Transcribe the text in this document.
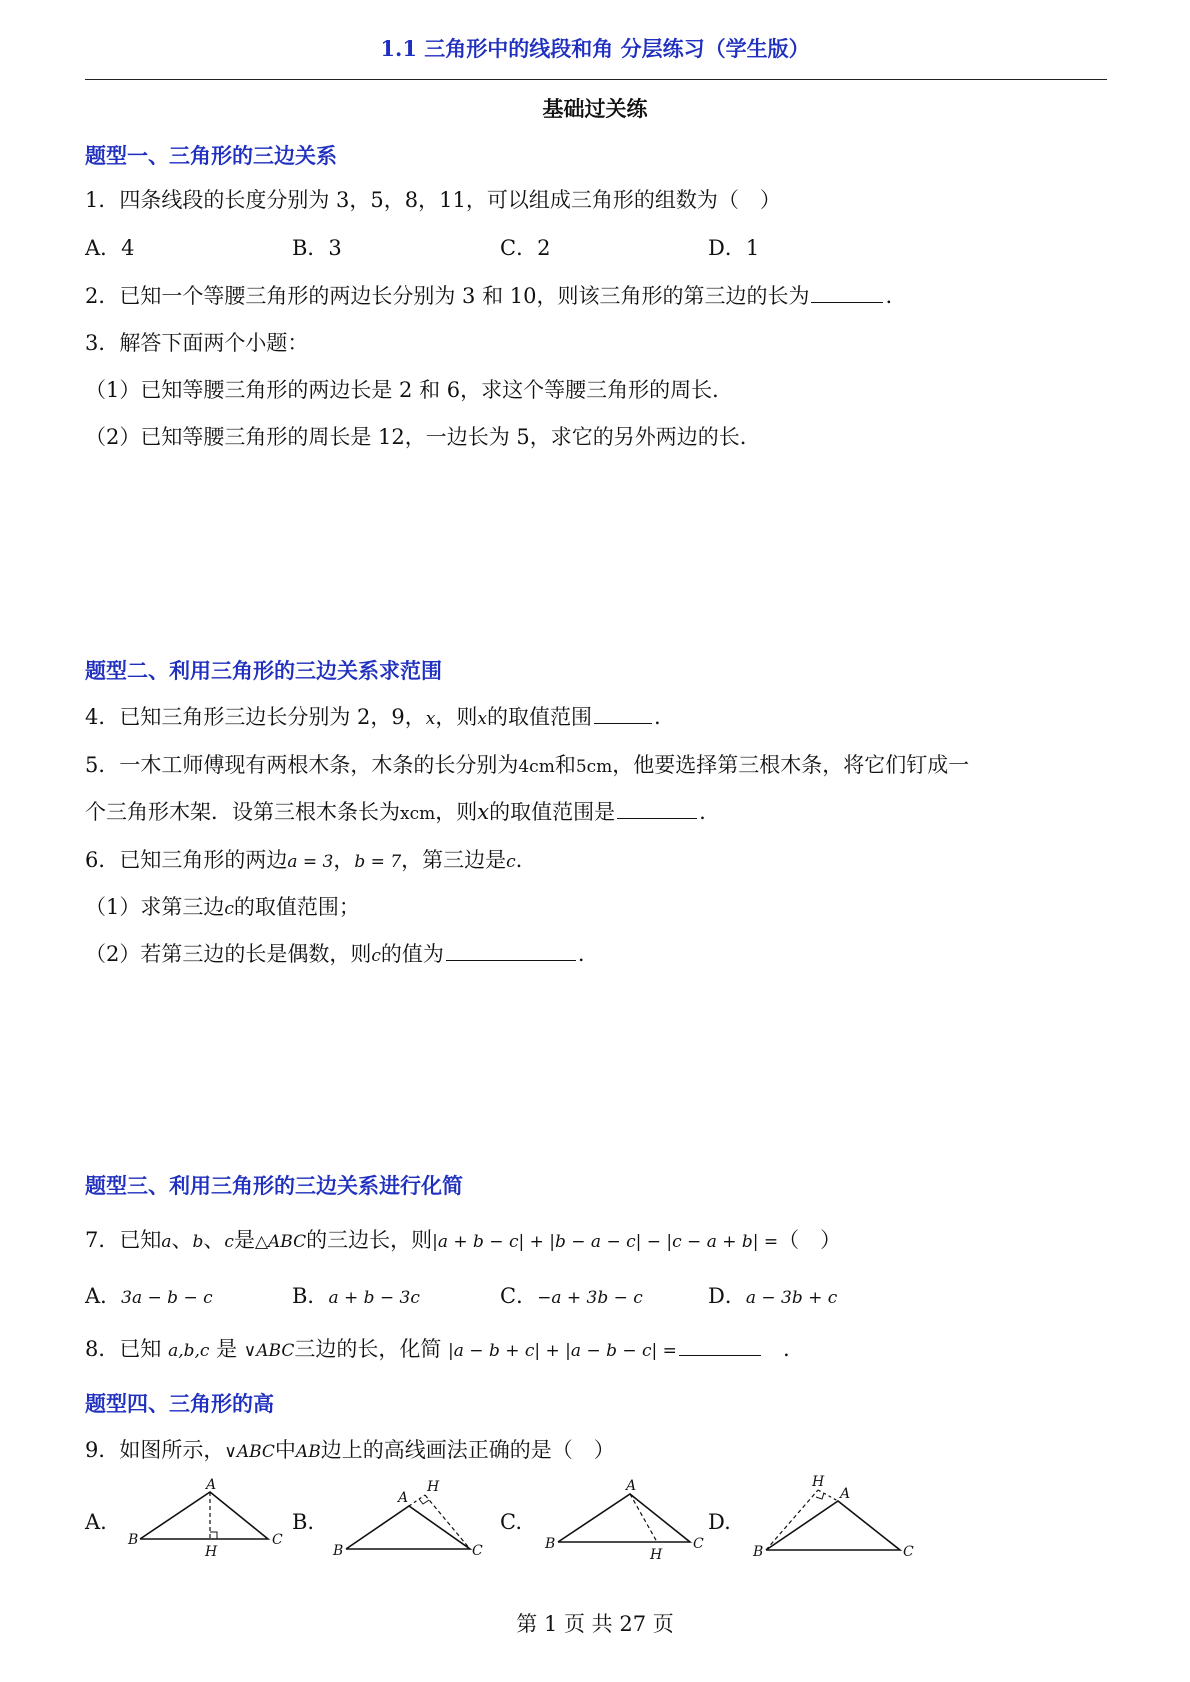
1.1 三角形中的线段和角 分层练习（学生版）
基础过关练
题型一、三角形的三边关系
1．四条线段的长度分别为 3，5，8，11，可以组成三角形的组数为（　）
A．4	B．3	C．2	D．1
2．已知一个等腰三角形的两边长分别为 3 和 10，则该三角形的第三边的长为	.
3．解答下面两个小题：
（1）已知等腰三角形的两边长是 2 和 6，求这个等腰三角形的周长．
（2）已知等腰三角形的周长是 12，一边长为 5，求它的另外两边的长.
题型二、利用三角形的三边关系求范围
4．已知三角形三边长分别为 2，9，x，则x的取值范围	.
5．一木工师傅现有两根木条，木条的长分别为4cm和5cm，他要选择第三根木条，将它们钉成一
个三角形木架．设第三根木条长为xcm，则x的取值范围是	.
6．已知三角形的两边a = 3，b = 7，第三边是c.
（1）求第三边c的取值范围；
（2）若第三边的长是偶数，则c的值为	.
题型三、利用三角形的三边关系进行化简
7．已知a、b、c是△ABC的三边长，则|a + b − c| + |b − a − c| − |c − a + b| =（　）
A．3a − b − c	B．a + b − 3c	C．−a + 3b − c	D．a − 3b + c
8．已知 a,b,c 是 ∨ABC三边的长，化简 |a − b + c| + |a − b − c| =	.
题型四、三角形的高
9．如图所示，∨ABC中AB边上的高线画法正确的是（　）
A.	B.	C.	D.
A
B	C
H
A
H
B	C
A
B	C
H
H
A
B	C
第 1 页 共 27 页
